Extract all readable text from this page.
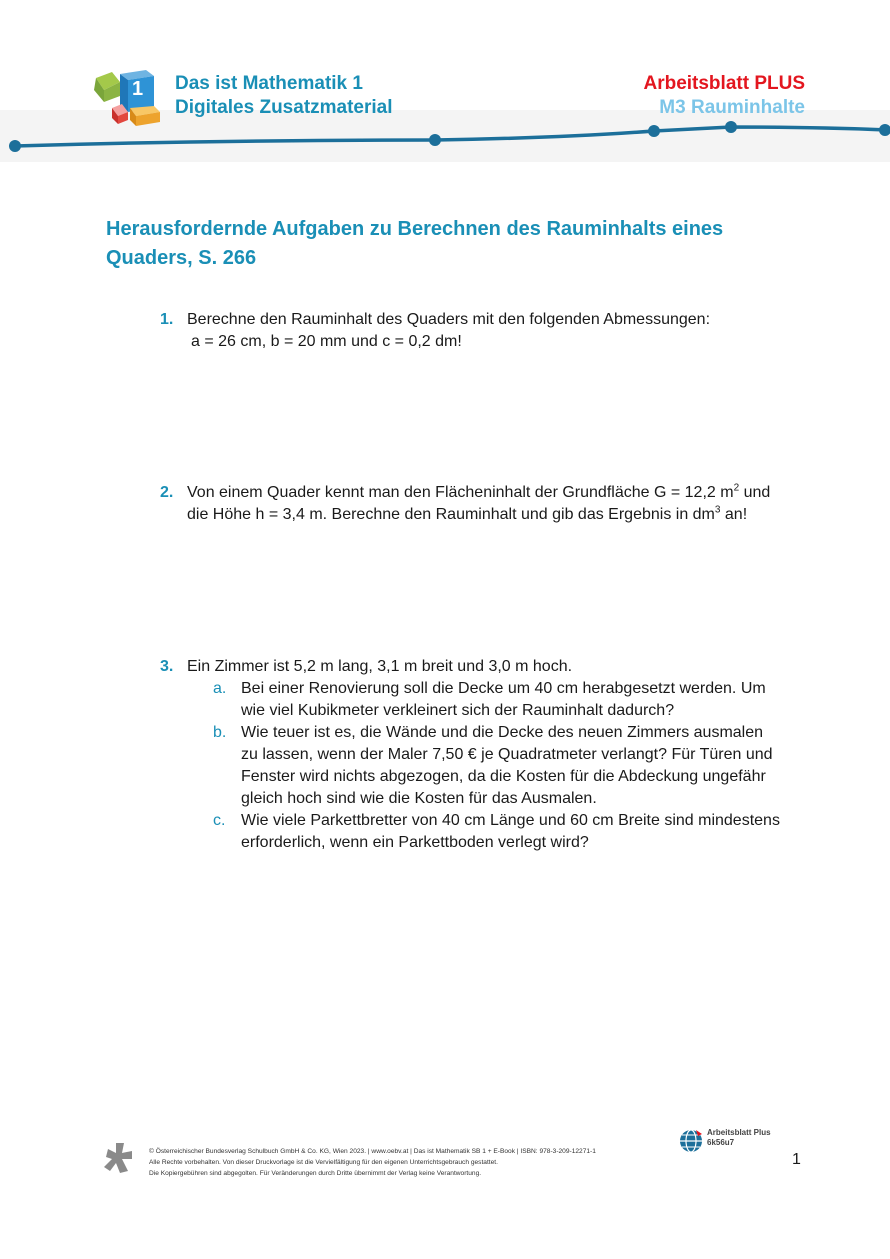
1 Das ist Mathematik 1
Digitales Zusatzmaterial
Arbeitsblatt PLUS
M3 Rauminhalte
Herausfordernde Aufgaben zu Berechnen des Rauminhalts eines
Quaders, S. 266
1. Berechne den Rauminhalt des Quaders mit den folgenden Abmessungen:
a = 26 cm, b = 20 mm und c = 0,2 dm!
2. Von einem Quader kennt man den Flächeninhalt der Grundfläche G = 12,2 $m^2$ und
die Höhe h = 3,4 m. Berechne den Rauminhalt und gib das Ergebnis in $dm^3$ an!
3. Ein Zimmer ist 5,2 m lang, 3,1 m breit und 3,0 m hoch.
a. Bei einer Renovierung soll die Decke um 40 cm herabgesetzt werden. Um
wie viel Kubikmeter verkleinert sich der Rauminhalt dadurch?
b. Wie teuer ist es, die Wände und die Decke des neuen Zimmers ausmalen
zu lassen, wenn der Maler 7,50 € je Quadratmeter verlangt? Für Türen und
Fenster wird nichts abgezogen, da die Kosten für die Abdeckung ungefähr
gleich hoch sind wie die Kosten für das Ausmalen.
c. Wie viele Parkettbretter von 40 cm Länge und 60 cm Breite sind mindestens
erforderlich, wenn ein Parkettboden verlegt wird?
© Österreichischer Bundesverlag Schulbuch GmbH & Co. KG, Wien 2023. | www.oebv.at | Das ist Mathematik SB 1 + E-Book | ISBN: 978-3-209-12271-1
Alle Rechte vorbehalten. Von dieser Druckvorlage ist die Vervielfältigung für den eigenen Unterrichtsgebrauch gestattet.
Die Kopiergebühren sind abgegolten. Für Veränderungen durch Dritte übernimmt der Verlag keine Verantwortung.
Arbeitsblatt Plus
6k56u7
1
